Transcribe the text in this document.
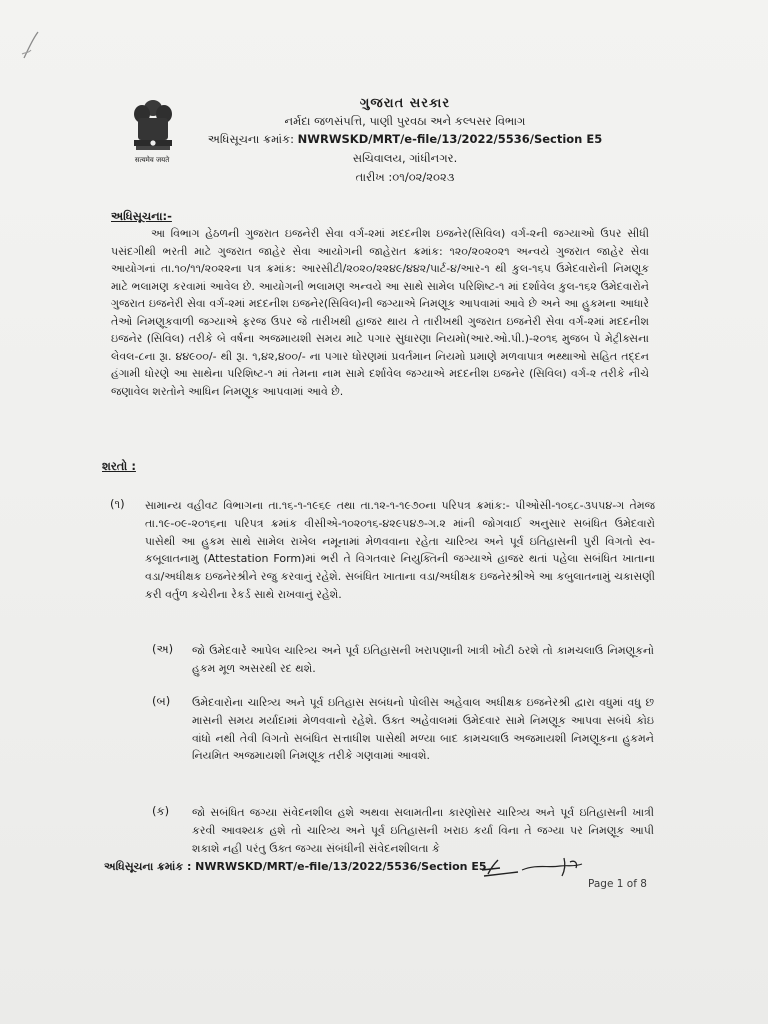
सत्यमेव जयते
ગુજરાત સરકાર
નર્મદા જળસંપત્તિ, પાણી પુરવઠા અને કલ્પસર વિભાગ
અધિસૂચના ક્રમાંક: NWRWSKD/MRT/e-file/13/2022/5536/Section E5
સચિવાલય, ગાંધીનગર.
તારીખ :૦૧/૦૨/૨૦૨૩
અધિસૂચના:-
આ વિભાગ હેઠળની ગુજરાત ઇજનેરી સેવા વર્ગ-૨માં મદદનીશ ઇજનેર(સિવિલ) વર્ગ-૨ની જગ્યાઓ ઉપર સીધી પસંદગીથી ભરતી માટે ગુજરાત જાહેર સેવા આયોગની જાહેરાત ક્રમાંક: ૧૨૦/૨૦૨૦૨૧ અન્વયે ગુજરાત જાહેર સેવા આયોગનાં તા.૧૦/૧૧/૨૦૨૨ના પત્ર ક્રમાંક: આરસીટી/૨૦૨૦/૨૨૪૯/૪૪૨/પાર્ટ-૪/આર-૧ થી કુલ-૧૬૫ ઉમેદવારોની નિમણૂક માટે ભલામણ કરવામાં આવેલ છે. આયોગની ભલામણ અન્વયે આ સાથે સામેલ પરિશિષ્ટ-૧ માં દર્શાવેલ કુલ-૧૬૨ ઉમેદવારોને ગુજરાત ઇજનેરી સેવા વર્ગ-૨માં મદદનીશ ઇજનેર(સિવિલ)ની જગ્યાએ નિમણૂક આપવામાં આવે છે અને આ હુકમના આધારે તેઓ નિમણૂકવાળી જગ્યાએ ફરજ ઉપર જે તારીખથી હાજર થાય તે તારીખથી ગુજરાત ઇજનેરી સેવા વર્ગ-૨માં મદદનીશ ઇજનેર (સિવિલ) તરીકે બે વર્ષના અજમાયશી સમય માટે પગાર સુધારણા નિયમો(આર.ઓ.પી.)-૨૦૧૬ મુજબ પે મેટ્રીક્સના લેવલ-૮ના રૂા. ૪૪૯૦૦/- થી રૂા. ૧,૪૨,૪૦૦/- ના પગાર ધોરણમાં પ્રવર્તમાન નિયમો પ્રમાણે મળવાપાત્ર ભથ્થાઓ સહિત તદ્દન હંગામી ધોરણે આ સાથેના પરિશિષ્ટ-૧ માં તેમના નામ સામે દર્શાવેલ જગ્યાએ મદદનીશ ઇજનેર (સિવિલ) વર્ગ-૨ તરીકે નીચે જણાવેલ શરતોને આધિન નિમણૂક આપવામાં આવે છે.
શરતો :
(૧) સામાન્ય વહીવટ વિભાગના તા.૧૬-૧-૧૯૬૯ તથા તા.૧૨-૧-૧૯૭૦ના પરિપત્ર ક્રમાંક:- પીઓસી-૧૦૬૮-૩૫૫૪-ગ તેમજ તા.૧૯-૦૯-૨૦૧૬ના પરિપત્ર ક્રમાંક વીસીએ-૧૦૨૦૧૬-૪૨૯૫૪૭-ગ.૨ માંની જોગવાઈ અનુસાર સબંધિત ઉમેદવારો પાસેથી આ હુકમ સાથે સામેલ રાખેલ નમૂનામાં મેળવવાના રહેતા ચારિત્ર્ય અને પૂર્વ ઇતિહાસની પુરી વિગતો સ્વ-કબૂલાતનામુ (Attestation Form)માં ભરી તે વિગતવાર નિયુક્તિની જગ્યાએ હાજર થતાં પહેલા સબંધિત ખાતાના વડા/અધીક્ષક ઇજનેરશ્રીને રજુ કરવાનું રહેશે. સબંધિત ખાતાના વડા/અધીક્ષક ઇજનેરશ્રીએ આ કબુલાતનામું ચકાસણી કરી વર્તુળ કચેરીના રેકર્ડ સાથે રાખવાનું રહેશે.
(અ) જો ઉમેદવારે આપેલ ચારિત્ર્ય અને પૂર્વ ઇતિહાસની ખરાપણાની ખાત્રી ખોટી ઠરશે તો કામચલાઉ નિમણૂકનો હુકમ મૂળ અસરથી રદ થશે.
(બ) ઉમેદવારોના ચારિત્ર્ય અને પૂર્વ ઇતિહાસ સબંધનો પોલીસ અહેવાલ અધીક્ષક ઇજનેરશ્રી દ્વારા વધુમાં વધુ છ માસની સમય મર્યાદામાં મેળવવાનો રહેશે. ઉક્ત અહેવાલમાં ઉમેદવાર સામે નિમણૂક આપવા સબંધે કોઇ વાંધો નથી તેવી વિગતો સબંધિત સત્તાધીશ પાસેથી મળ્યા બાદ કામચલાઉ અજમાયશી નિમણૂકના હુકમને નિયમિત અજમાયશી નિમણૂક તરીકે ગણવામાં આવશે.
(ક) જો સબંધિત જગ્યા સંવેદનશીલ હશે અથવા સલામતીના કારણોસર ચારિત્ર્ય અને પૂર્વ ઇતિહાસની ખાત્રી કરવી આવશ્યક હશે તો ચારિત્ર્ય અને પૂર્વ ઇતિહાસની ખરાઇ કર્યા વિના તે જગ્યા પર નિમણૂક આપી શકાશે નહી પરંતુ ઉક્ત જગ્યા સંબંધીની સંવેદનશીલતા કે
અધિસૂચના ક્રમાંક : NWRWSKD/MRT/e-file/13/2022/5536/Section E5
Page 1 of 8
